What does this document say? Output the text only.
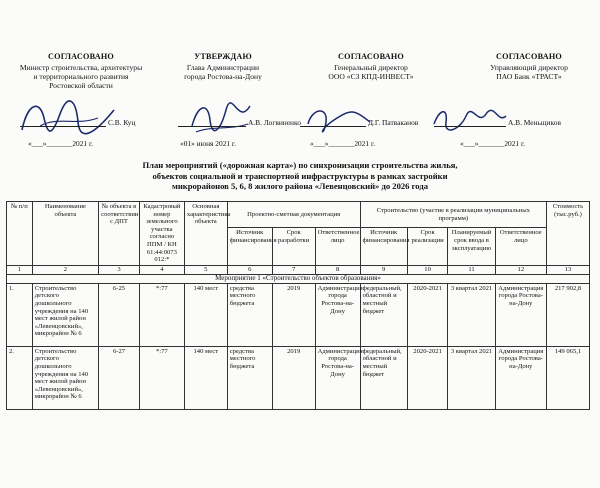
СОГЛАСОВАНО
Министр строительства, архитектуры
и территориального развития
Ростовской области
УТВЕРЖДАЮ
Глава Администрации
города Ростова-на-Дону
СОГЛАСОВАНО
Генеральный директор
ООО «СЗ КПД-ИНВЕСТ»
СОГЛАСОВАНО
Управляющий директор
ПАО Банк «ТРАСТ»
С.В. Куц	А.В. Логвиненко	Д.Г. Патваканов	А.В. Меньщиков
«___»_______2021 г.	«01» июня 2021 г.	«___»_______2021 г.	«___»_______2021 г.
План мероприятий («дорожная карта») по синхронизации строительства жилья,
объектов социальной и транспортной инфраструктуры в рамках застройки
микрорайонов 5, 6, 8 жилого района «Левенцовский» до 2026 года
№ п/п	Наименование объекта	№ объекта в соответствии с ДПТ	Кадастровый номер земельного участка согласно ППМ / КН 61:44:0073 012:*	Основная характеристика объекта	Проектно-сметная документация			Строительство (участие в реализации муниципальных программ)				Стоимость (тыс.руб.)
					Источник финансирования	Срок разработки	Ответственное лицо	Источник финансирования	Срок реализации	Планируемый срок ввода в эксплуатацию	Ответственное лицо	
1	2	3	4	5	6	7	8	9	10	11	12	13
Мероприятие 1 «Строительство объектов образования»												
1.	Строительство детского дошкольного учреждения на 140 мест жилой район «Левенцовский», микрорайон № 6	6-25	*:77	140 мест	средства местного бюджета	2019	Администрация города Ростова-на-Дону	федеральный, областной и местный бюджет	2020-2021	3 квартал 2021	Администрация города Ростова-на-Дону	217 902,8
2.	Строительство детского дошкольного учреждения на 140 мест жилой район «Левенцовский», микрорайон № 6	6-27	*:77	140 мест	средства местного бюджета	2019	Администрация города Ростова-на-Дону	федеральный, областной и местный бюджет	2020-2021	3 квартал 2021	Администрация города Ростова-на-Дону	149 065,1
